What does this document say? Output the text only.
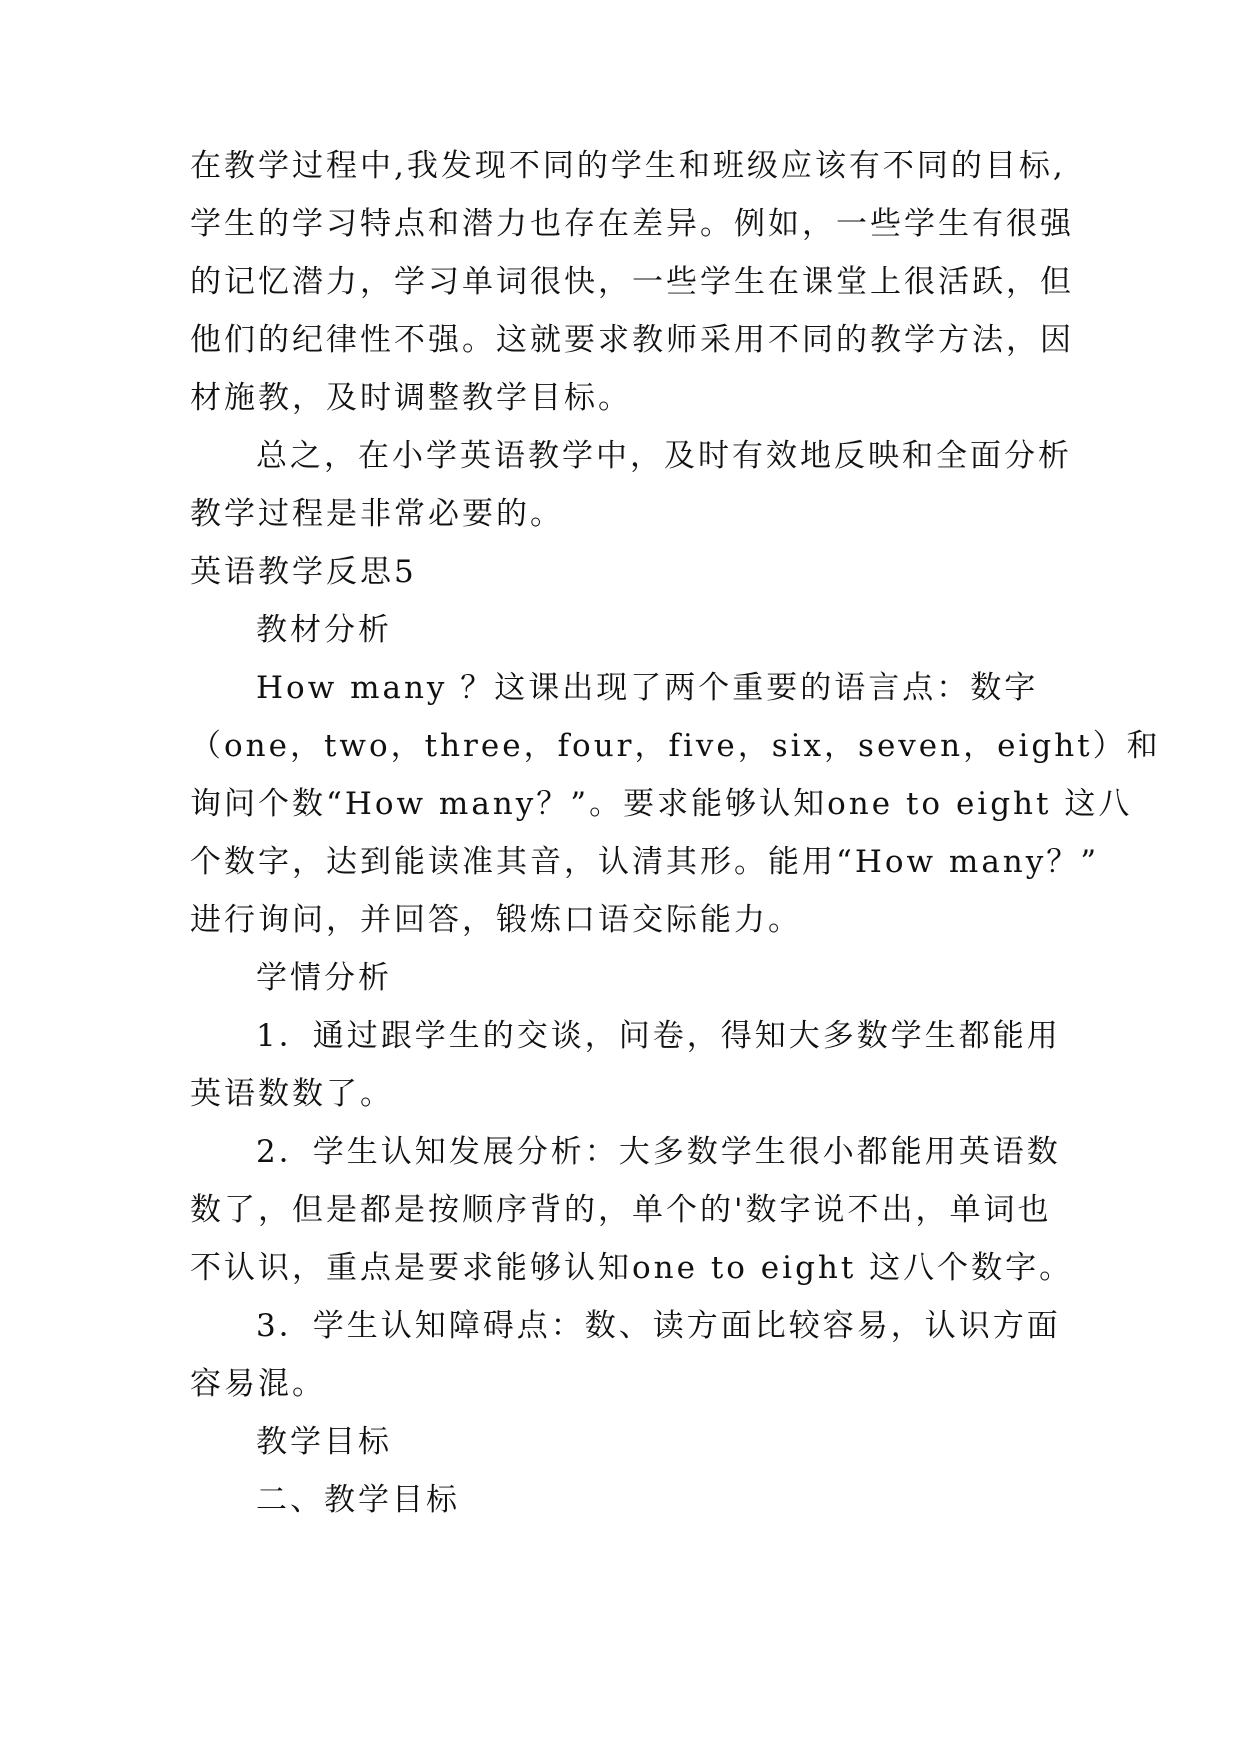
在教学过程中,我发现不同的学生和班级应该有不同的目标,
学生的学习特点和潜力也存在差异。例如，一些学生有很强
的记忆潜力，学习单词很快，一些学生在课堂上很活跃，但
他们的纪律性不强。这就要求教师采用不同的教学方法，因
材施教，及时调整教学目标。
总之，在小学英语教学中，及时有效地反映和全面分析
教学过程是非常必要的。
英语教学反思5
教材分析
How many ？这课出现了两个重要的语言点：数字
（one，two，three，four，five，six，seven，eight）和
询问个数“How many？”。要求能够认知one to eight 这八
个数字，达到能读准其音，认清其形。能用“How many？”
进行询问，并回答，锻炼口语交际能力。
学情分析
1．通过跟学生的交谈，问卷，得知大多数学生都能用
英语数数了。
2．学生认知发展分析：大多数学生很小都能用英语数
数了，但是都是按顺序背的，单个的'数字说不出，单词也
不认识，重点是要求能够认知one to eight 这八个数字。
3．学生认知障碍点：数、读方面比较容易，认识方面
容易混。
教学目标
二、教学目标
